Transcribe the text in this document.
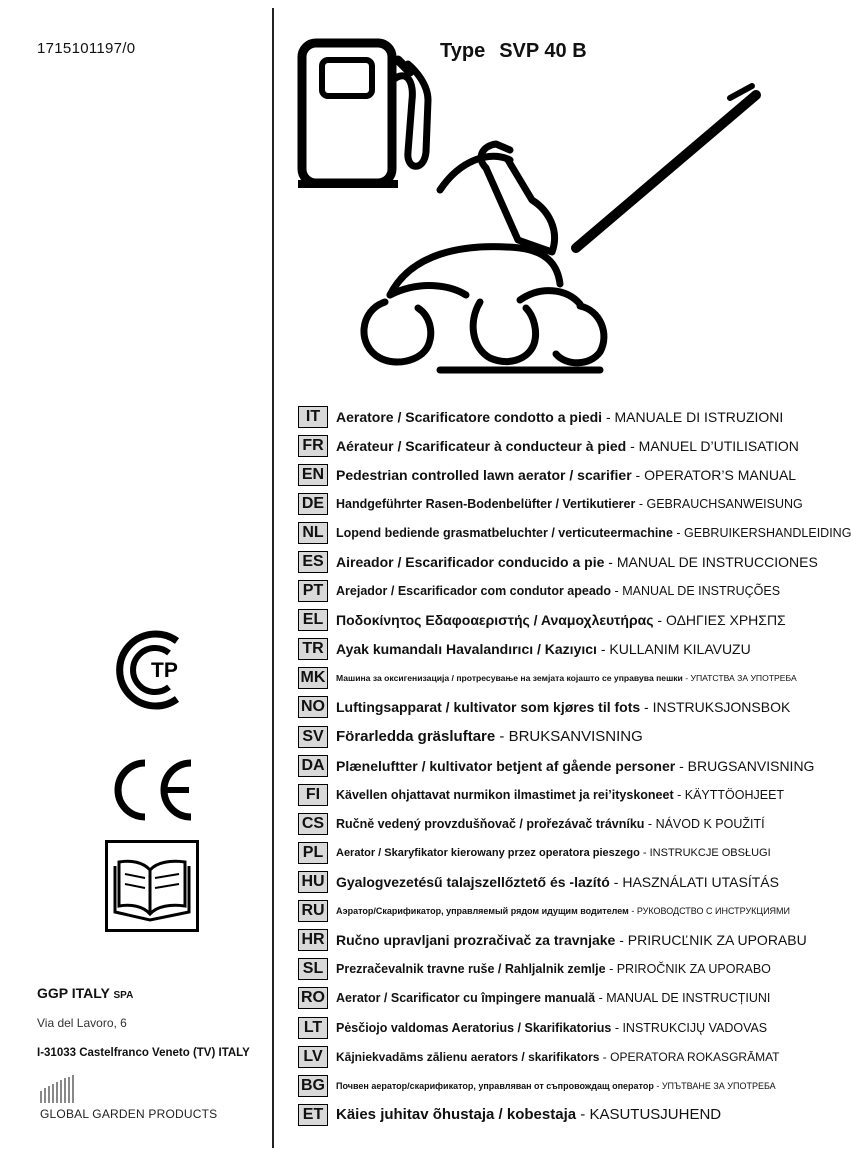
1715101197/0	Type SVP 40 B
IT	Aeratore / Scarificatore condotto a piedi - MANUALE DI ISTRUZIONI
FR Aérateur / Scarificateur à conducteur à pied - MANUEL D’UTILISATION
EN Pedestrian controlled lawn aerator / scarifier - OPERATOR’S MANUAL
DE Handgeführter Rasen-Bodenbelüfter / Vertikutierer - GEBRAUCHSANWEISUNG
NL Lopend bediende grasmatbeluchter / verticuteermachine - GEBRUIKERSHANDLEIDING
ES Aireador / Escarificador conducido a pie - MANUAL DE INSTRUCCIONES
PT	Arejador / Escarificador com condutor apeado - MANUAL DE INSTRUÇÕES
EL Ποδοκίνητος Εδαφοαεριστής / Αναμοχλευτήρας - ΟΔΗΓΙΕΣ ΧΡΗΣΠΣ
TR Ayak kumandalı Havalandırıcı / Kazıyıcı - KULLANIM KILAVUZU
MK Машина за оксигенизација / протресување на земјата којашто се управува пешки - УПАТСТВА ЗА УПОТРЕБА
NO Luftingsapparat / kultivator som kjøres til fots - INSTRUKSJONSBOK
SV Förarledda gräsluftare - BRUKSANVISNING
DA Plæneluftter / kultivator betjent af gående personer - BRUGSANVISNING
FI	Kävellen ohjattavat nurmikon ilmastimet ja rei’ityskoneet - KÄYTTÖOHJEET
CS Ručně vedený provzdušňovač / prořezávač trávníku - NÁVOD K POUŽITÍ
PL	Aerator / Skaryfikator kierowany przez operatora pieszego - INSTRUKCJE OBSŁUGI
HU Gyalogvezetésű talajszellőztető és -lazító - HASZNÁLATI UTASÍTÁS
RU	Аэратор/Скарификатор, управляемый рядом идущим водителем - РУКОВОДСТВО С ИНСТРУКЦИЯМИ
HR Ručno upravljani prozračivač za travnjake - PRIRUCĽNIK ZA UPORABU
SL	Prezračevalnik travne ruše / Rahljalnik zemlje - PRIROČNIK ZA UPORABO
RO Aerator / Scarificator cu împingere manuală - MANUAL DE INSTRUCȚIUNI
LT	Pėsčiojo valdomas Aeratorius / Skarifikatorius - INSTRUKCIJŲ VADOVAS
LV	Kājniekvadāms zālienu aerators / skarifikators - OPERATORA ROKASGRĀMAT
BG	Почвен аератор/скарификатор, управляван от съпровождащ оператор - УПЪТВАНЕ ЗА УПОТРЕБА
ET Käies juhitav õhustaja / kobestaja - KASUTUSJUHEND
ТР
GGP ITALY SPA
Via del Lavoro, 6
I-31033 Castelfranco Veneto (TV) ITALY
GLOBAL GARDEN PRODUCTS
